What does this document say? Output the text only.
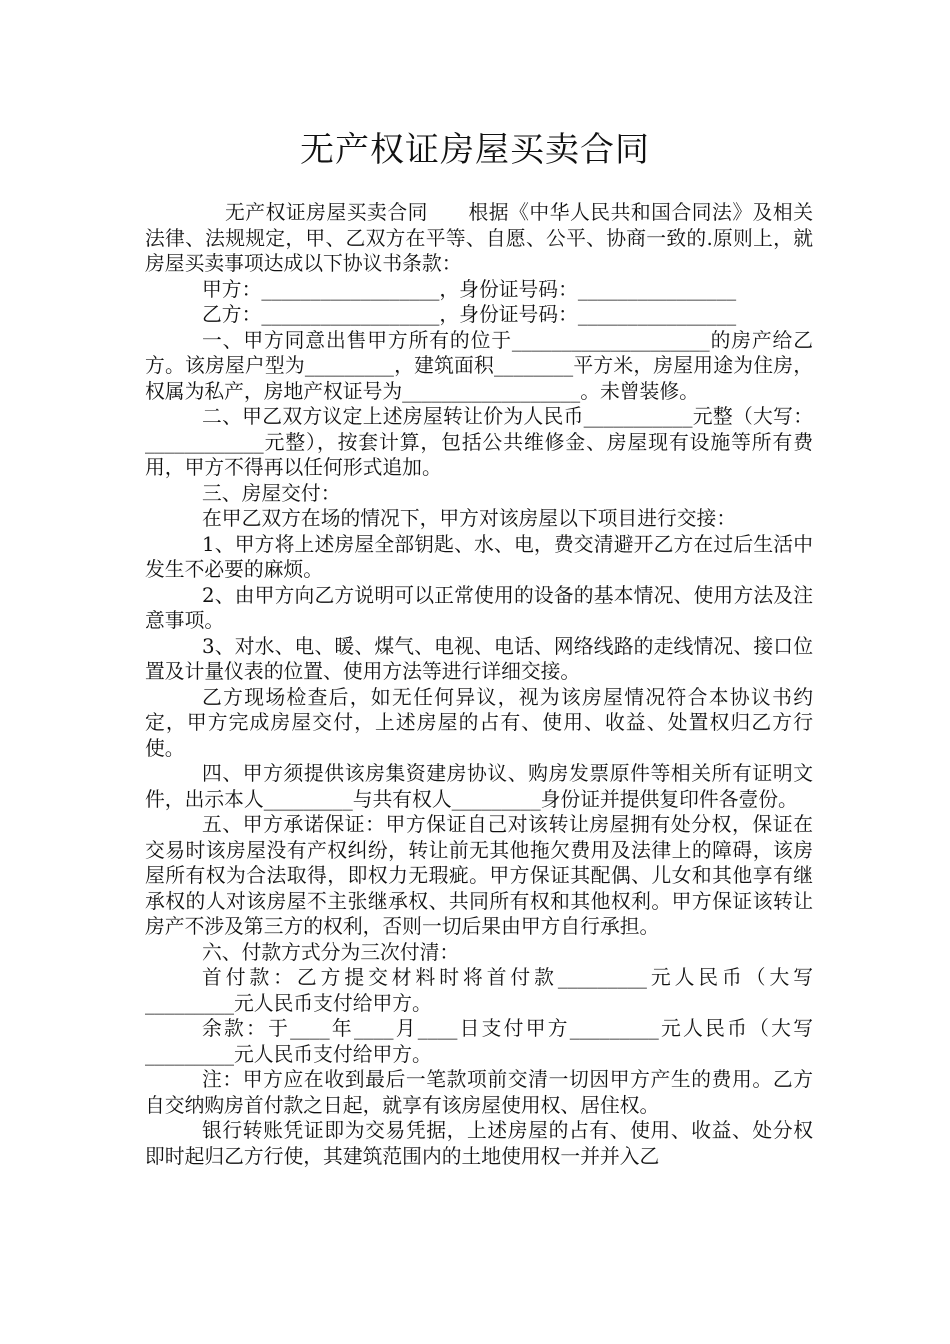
无产权证房屋买卖合同

无产权证房屋买卖合同　　根据《中华人民共和国合同法》及相关法律、法规规定，甲、乙双方在平等、自愿、公平、协商一致的.原则上，就房屋买卖事项达成以下协议书条款：

甲方：__________________，身份证号码：________________

乙方：__________________，身份证号码：________________

一、甲方同意出售甲方所有的位于____________________的房产给乙方。该房屋户型为_________，建筑面积________平方米，房屋用途为住房，权属为私产，房地产权证号为__________________。未曾装修。

二、甲乙双方议定上述房屋转让价为人民币___________元整（大写：____________元整），按套计算，包括公共维修金、房屋现有设施等所有费用，甲方不得再以任何形式追加。

三、房屋交付：

在甲乙双方在场的情况下，甲方对该房屋以下项目进行交接：

1、甲方将上述房屋全部钥匙、水、电，费交清避开乙方在过后生活中发生不必要的麻烦。

2、由甲方向乙方说明可以正常使用的设备的基本情况、使用方法及注意事项。

3、对水、电、暖、煤气、电视、电话、网络线路的走线情况、接口位置及计量仪表的位置、使用方法等进行详细交接。

乙方现场检查后，如无任何异议，视为该房屋情况符合本协议书约定，甲方完成房屋交付，上述房屋的占有、使用、收益、处置权归乙方行使。

四、甲方须提供该房集资建房协议、购房发票原件等相关所有证明文件，出示本人_________与共有权人_________身份证并提供复印件各壹份。

五、甲方承诺保证：甲方保证自己对该转让房屋拥有处分权，保证在交易时该房屋没有产权纠纷，转让前无其他拖欠费用及法律上的障碍，该房屋所有权为合法取得，即权力无瑕疵。甲方保证其配偶、儿女和其他享有继承权的人对该房屋不主张继承权、共同所有权和其他权利。甲方保证该转让房产不涉及第三方的权利，否则一切后果由甲方自行承担。

六、付款方式分为三次付清：

首付款：乙方提交材料时将首付款_________元人民币（大写_________元人民币支付给甲方。

余款：于____年____月____日支付甲方_________元人民币（大写_________元人民币支付给甲方。

注：甲方应在收到最后一笔款项前交清一切因甲方产生的费用。乙方自交纳购房首付款之日起，就享有该房屋使用权、居住权。

银行转账凭证即为交易凭据，上述房屋的占有、使用、收益、处分权即时起归乙方行使，其建筑范围内的土地使用权一并并入乙
